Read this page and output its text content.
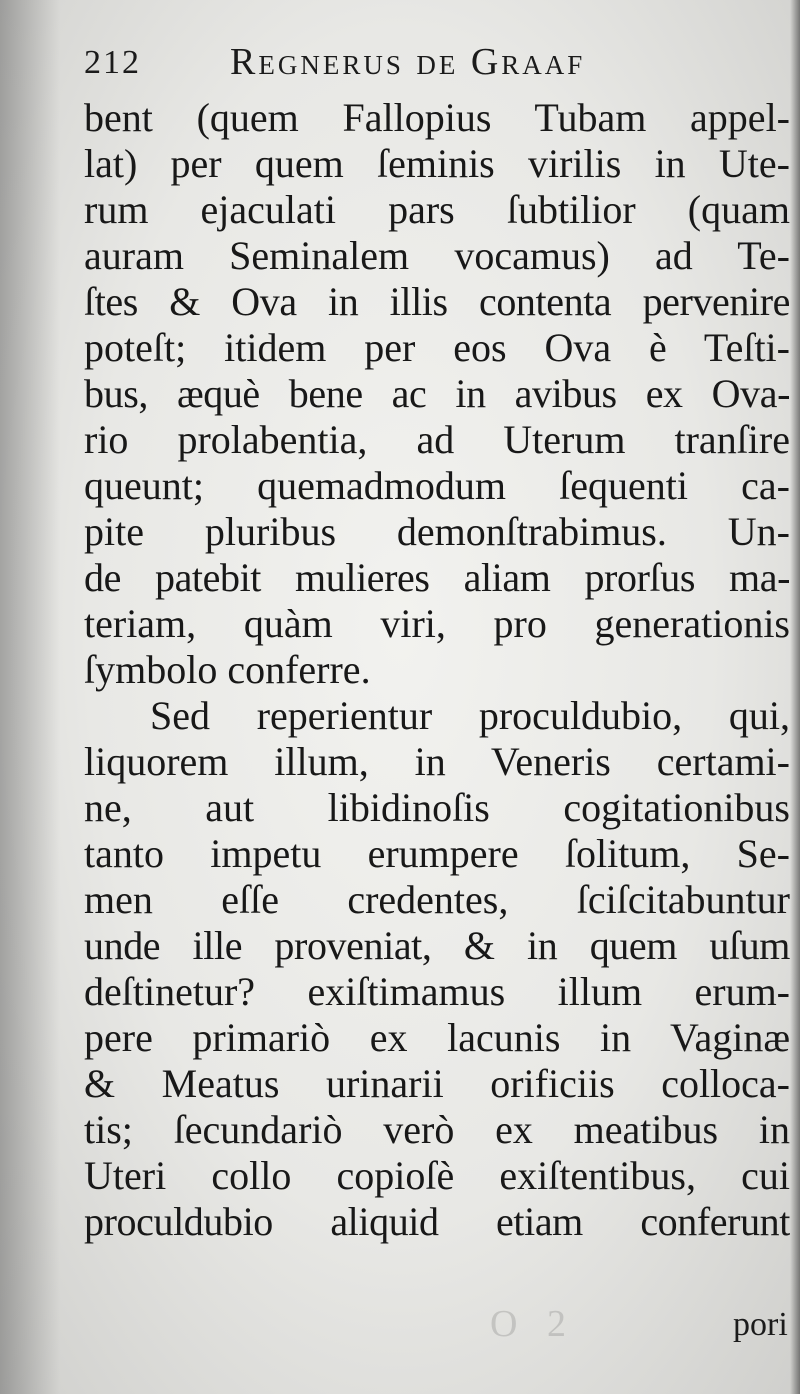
212 Regnerus de Graaf
bent (quem Fallopius Tubam appel-
lat) per quem ſeminis virilis in Ute-
rum ejaculati pars ſubtilior (quam
auram Seminalem vocamus) ad Te-
ſtes & Ova in illis contenta pervenire
poteſt; itidem per eos Ova è Teſti-
bus, æquè bene ac in avibus ex Ova-
rio prolabentia, ad Uterum tranſire
queunt; quemadmodum ſequenti ca-
pite pluribus demonſtrabimus. Un-
de patebit mulieres aliam prorſus ma-
teriam, quàm viri, pro generationis
ſymbolo conferre.
Sed reperientur proculdubio, qui,
liquorem illum, in Veneris certami-
ne, aut libidinoſis cogitationibus
tanto impetu erumpere ſolitum, Se-
men eſſe credentes, ſciſcitabuntur
unde ille proveniat, & in quem uſum
deſtinetur? exiſtimamus illum erum-
pere primariò ex lacunis in Vaginæ
& Meatus urinarii orificiis colloca-
tis; ſecundariò verò ex meatibus in
Uteri collo copioſè exiſtentibus, cui
proculdubio aliquid etiam conferunt
O 2	pori
